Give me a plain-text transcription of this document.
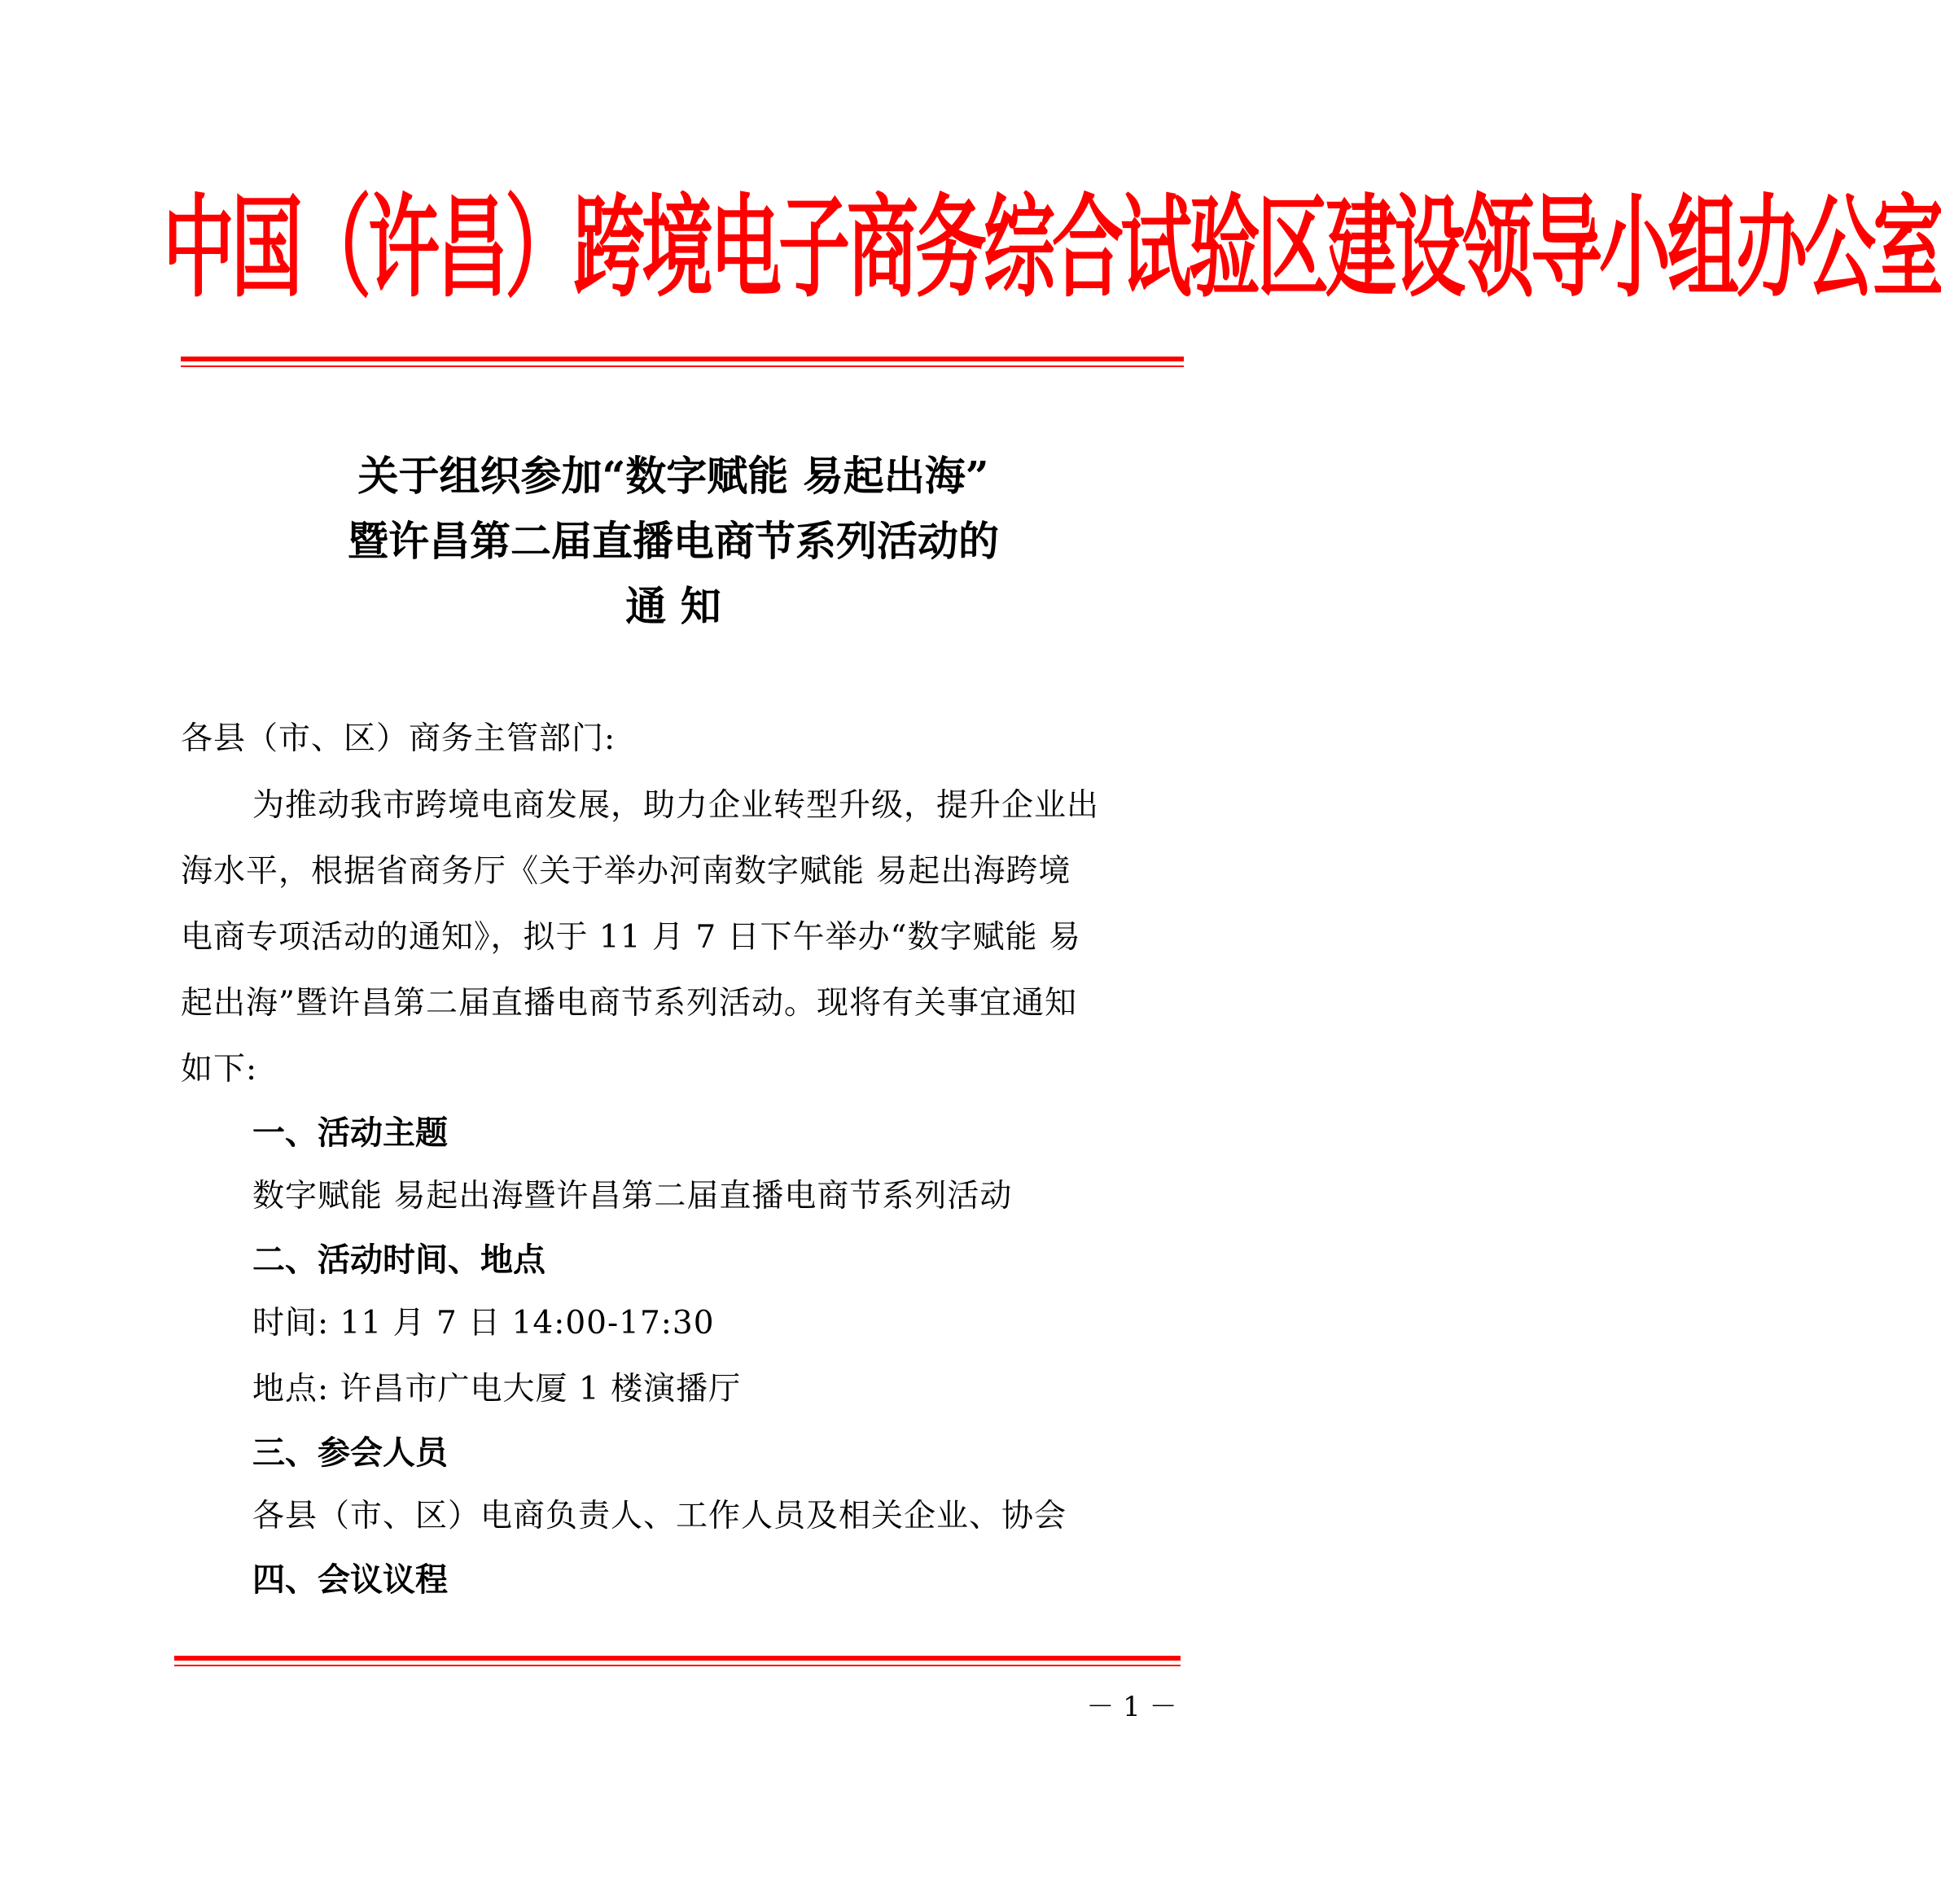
中国（许昌）跨境电子商务综合试验区建设领导小组办公室
关于组织参加“数字赋能 易起出海”
暨许昌第二届直播电商节系列活动的
通 知
各县（市、区）商务主管部门:
为推动我市跨境电商发展，助力企业转型升级，提升企业出
海水平，根据省商务厅《关于举办河南数字赋能 易起出海跨境
电商专项活动的通知》，拟于 11 月 7 日下午举办“数字赋能 易
起出海”暨许昌第二届直播电商节系列活动。现将有关事宜通知
如下:
一、活动主题
数字赋能 易起出海暨许昌第二届直播电商节系列活动
二、活动时间、地点
时间: 11 月 7 日 14:00-17:30
地点: 许昌市广电大厦 1 楼演播厅
三、参会人员
各县（市、区）电商负责人、工作人员及相关企业、协会
四、会议议程
－ 1 －
